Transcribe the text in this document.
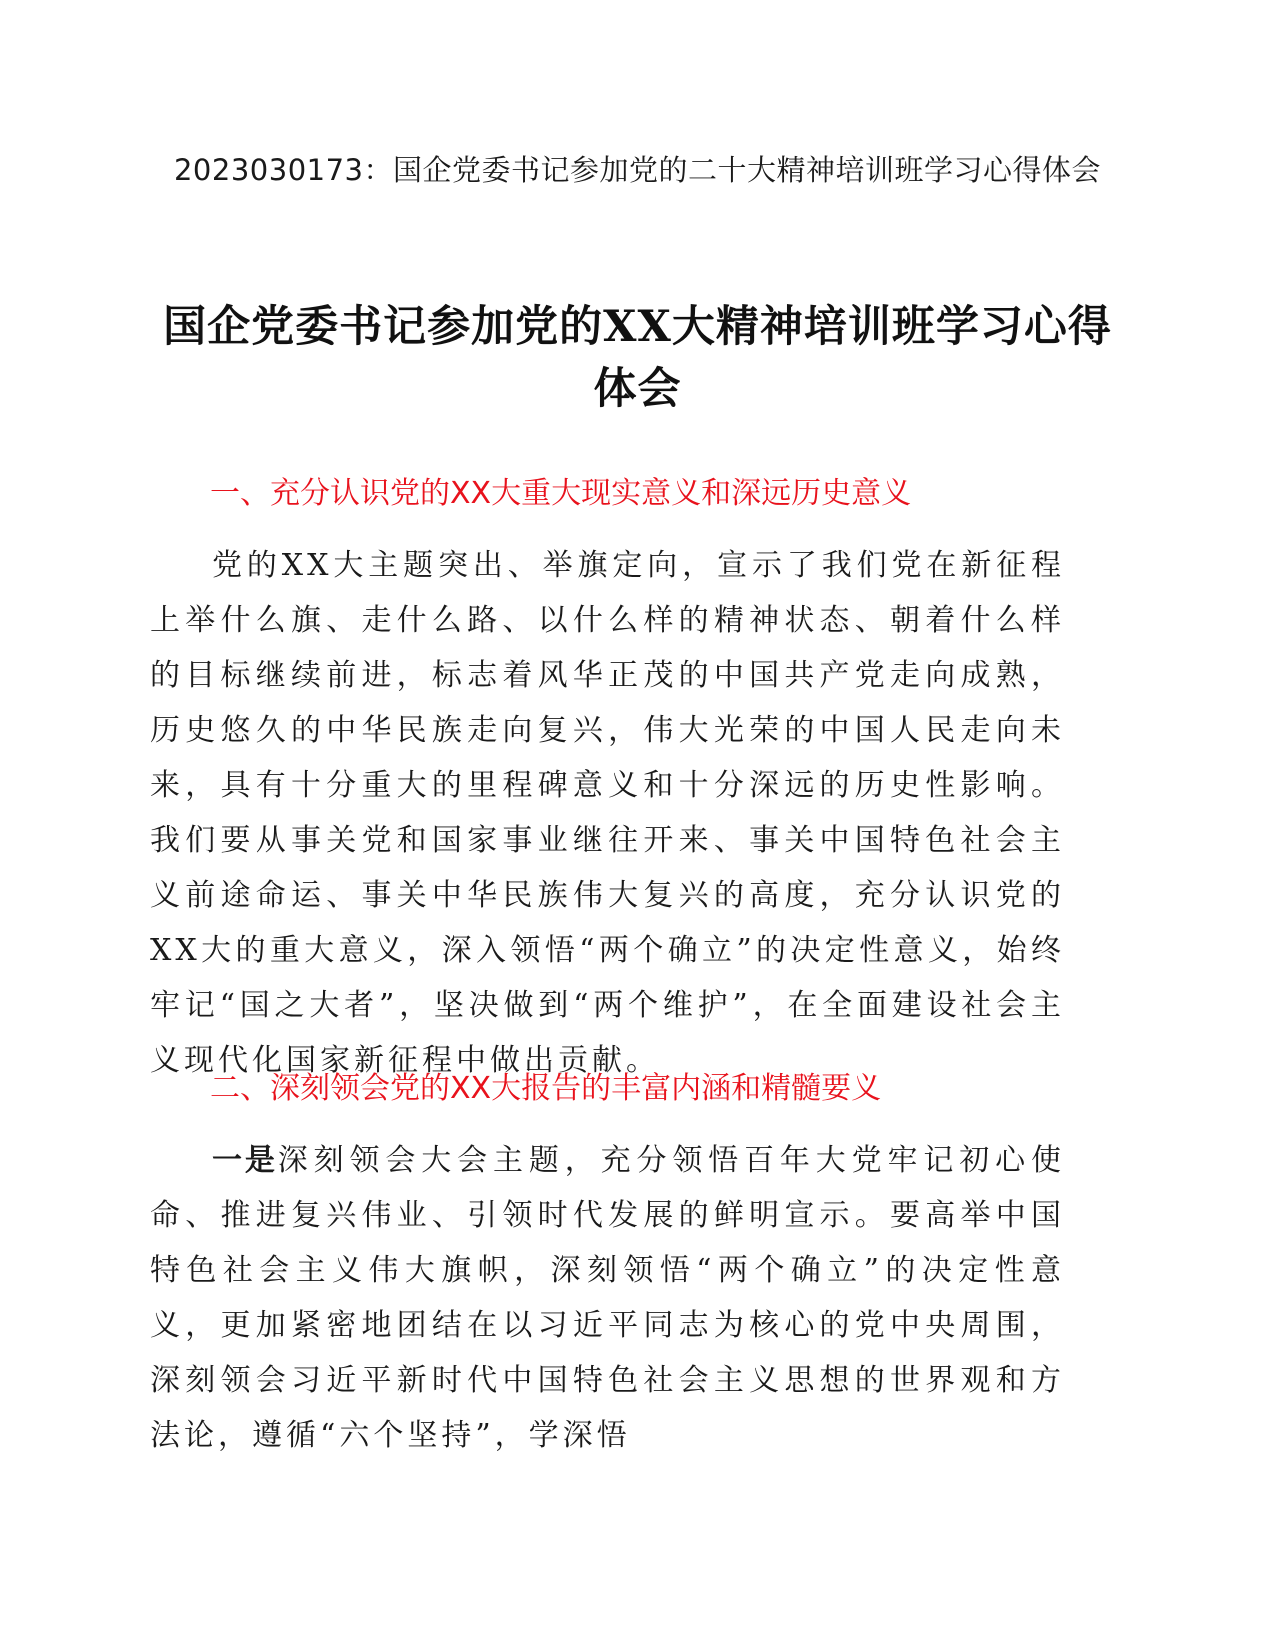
2023030173：国企党委书记参加党的二十大精神培训班学习心得体会
国企党委书记参加党的XX大精神培训班学习心得体会
一、充分认识党的XX大重大现实意义和深远历史意义
党的XX大主题突出、举旗定向，宣示了我们党在新征程上举什么旗、走什么路、以什么样的精神状态、朝着什么样的目标继续前进，标志着风华正茂的中国共产党走向成熟，历史悠久的中华民族走向复兴，伟大光荣的中国人民走向未来，具有十分重大的里程碑意义和十分深远的历史性影响。我们要从事关党和国家事业继往开来、事关中国特色社会主义前途命运、事关中华民族伟大复兴的高度，充分认识党的XX大的重大意义，深入领悟“两个确立”的决定性意义，始终牢记“国之大者”，坚决做到“两个维护”，在全面建设社会主义现代化国家新征程中做出贡献。
二、深刻领会党的XX大报告的丰富内涵和精髓要义
一是深刻领会大会主题，充分领悟百年大党牢记初心使命、推进复兴伟业、引领时代发展的鲜明宣示。要高举中国特色社会主义伟大旗帜，深刻领悟“两个确立”的决定性意义，更加紧密地团结在以习近平同志为核心的党中央周围，深刻领会习近平新时代中国特色社会主义思想的世界观和方法论，遵循“六个坚持”，学深悟
